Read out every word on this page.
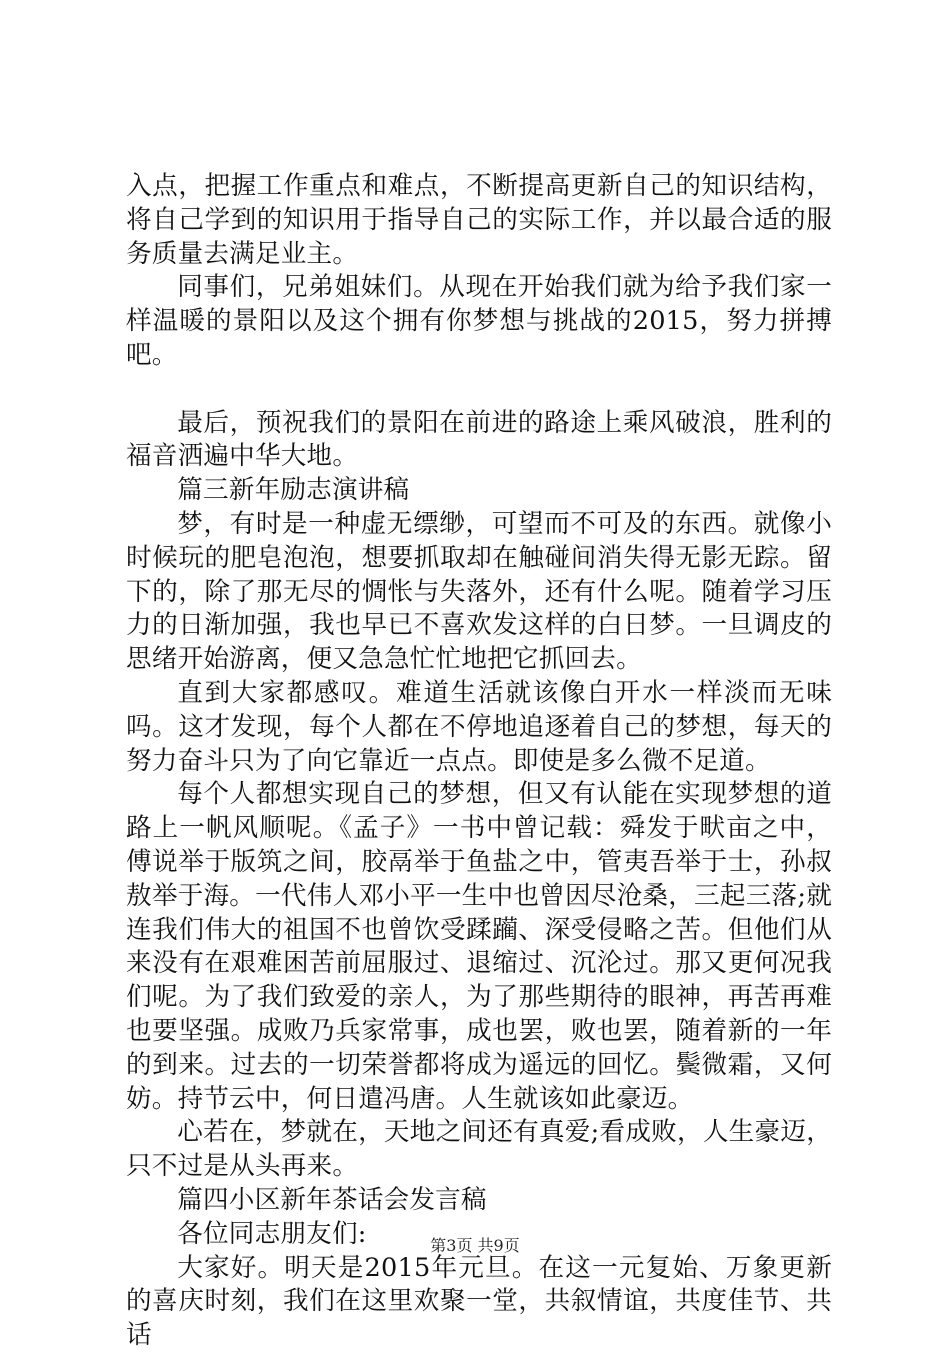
入点，把握工作重点和难点，不断提高更新自己的知识结构，将自己学到的知识用于指导自己的实际工作，并以最合适的服务质量去满足业主。

同事们，兄弟姐妹们。从现在开始我们就为给予我们家一样温暖的景阳以及这个拥有你梦想与挑战的2015，努力拼搏吧。

最后，预祝我们的景阳在前进的路途上乘风破浪，胜利的福音洒遍中华大地。

篇三新年励志演讲稿

梦，有时是一种虚无缥缈，可望而不可及的东西。就像小时候玩的肥皂泡泡，想要抓取却在触碰间消失得无影无踪。留下的，除了那无尽的惆怅与失落外，还有什么呢。随着学习压力的日渐加强，我也早已不喜欢发这样的白日梦。一旦调皮的思绪开始游离，便又急急忙忙地把它抓回去。

直到大家都感叹。难道生活就该像白开水一样淡而无味吗。这才发现，每个人都在不停地追逐着自己的梦想，每天的努力奋斗只为了向它靠近一点点。即使是多么微不足道。

每个人都想实现自己的梦想，但又有认能在实现梦想的道路上一帆风顺呢。《孟子》一书中曾记载：舜发于畎亩之中，傅说举于版筑之间，胶鬲举于鱼盐之中，管夷吾举于士，孙叔敖举于海。一代伟人邓小平一生中也曾因尽沧桑，三起三落;就连我们伟大的祖国不也曾饮受蹂躏、深受侵略之苦。但他们从来没有在艰难困苦前屈服过、退缩过、沉沦过。那又更何况我们呢。为了我们致爱的亲人，为了那些期待的眼神，再苦再难也要坚强。成败乃兵家常事，成也罢，败也罢，随着新的一年的到来。过去的一切荣誉都将成为遥远的回忆。鬓微霜，又何妨。持节云中，何日遣冯唐。人生就该如此豪迈。

心若在，梦就在，天地之间还有真爱;看成败，人生豪迈，只不过是从头再来。

篇四小区新年茶话会发言稿

各位同志朋友们:

大家好。明天是2015年元旦。在这一元复始、万象更新的喜庆时刻，我们在这里欢聚一堂，共叙情谊，共度佳节、共话

第3页 共9页
